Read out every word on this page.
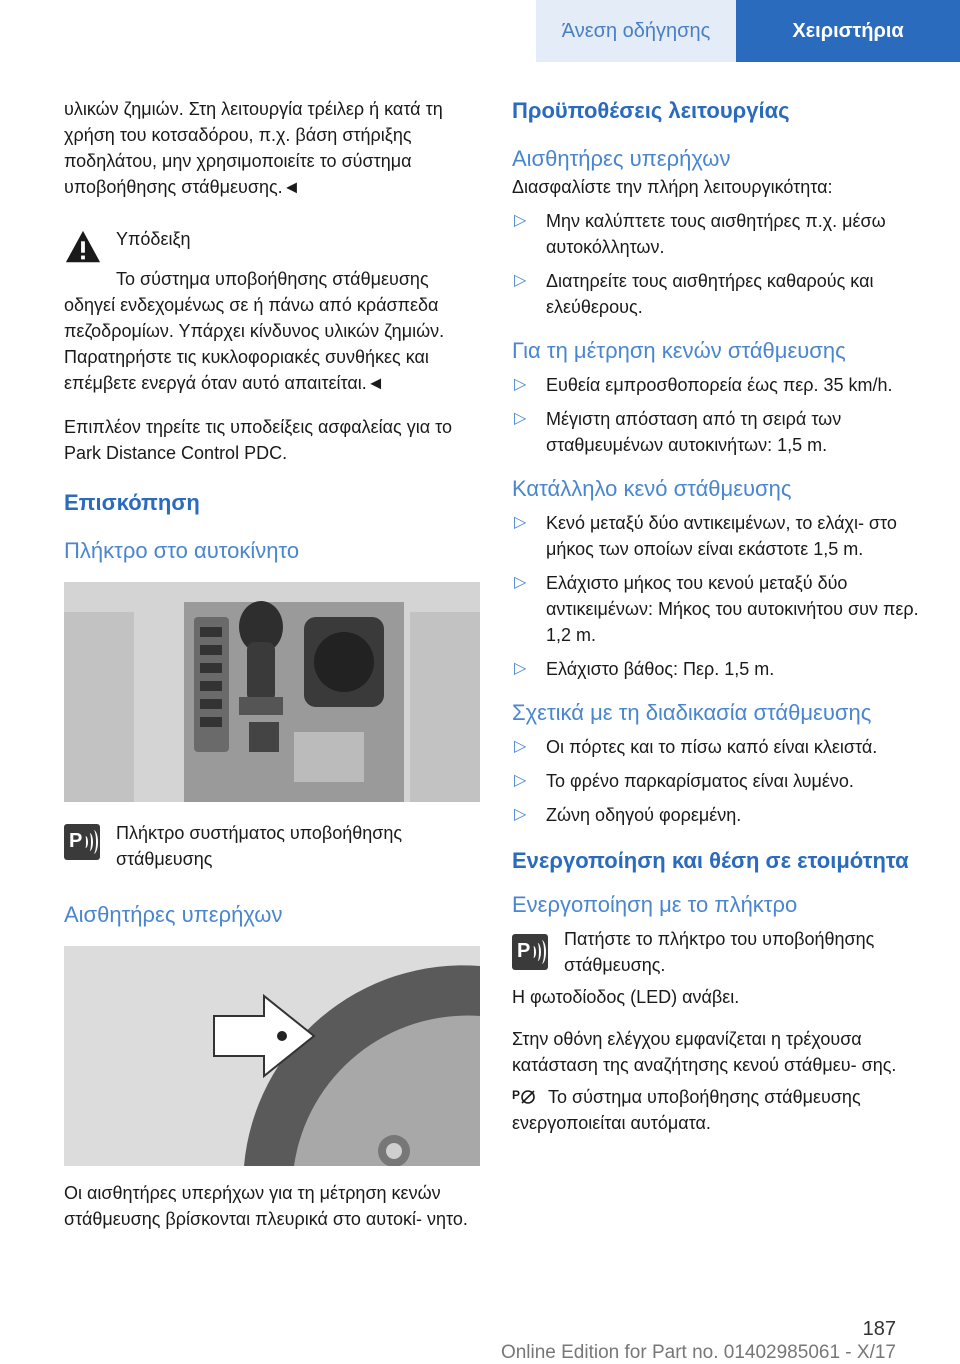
Άνεση οδήγησης	Χειριστήρια

υλικών ζημιών. Στη λειτουργία τρέιλερ ή κατά τη χρήση του κοτσαδόρου, π.χ. βάση στήριξης ποδηλάτου, μην χρησιμοποιείτε το σύστημα υποβοήθησης στάθμευσης.◄

Υπόδειξη

Το σύστημα υποβοήθησης στάθμευσης οδηγεί ενδεχομένως σε ή πάνω από κράσπεδα πεζοδρομίων. Υπάρχει κίνδυνος υλικών ζημιών. Παρατηρήστε τις κυκλοφοριακές συνθήκες και επέμβετε ενεργά όταν αυτό απαιτείται.◄

Επιπλέον τηρείτε τις υποδείξεις ασφαλείας για το Park Distance Control PDC.

Επισκόπηση
Πλήκτρο στο αυτοκίνητο
P Πλήκτρο συστήματος υποβοήθησης στάθμευσης

Αισθητήρες υπερήχων

Οι αισθητήρες υπερήχων για τη μέτρηση κενών στάθμευσης βρίσκονται πλευρικά στο αυτοκί‐ νητο.

Προϋποθέσεις λειτουργίας
Αισθητήρες υπερήχων

Διασφαλίστε την πλήρη λειτουργικότητα:

▷ Μην καλύπτετε τους αισθητήρες π.χ. μέσω αυτοκόλλητων.
▷ Διατηρείτε τους αισθητήρες καθαρούς και ελεύθερους.
Για τη μέτρηση κενών στάθμευσης
▷ Ευθεία εμπροσθοπορεία έως περ. 35 km/h.
▷ Μέγιστη απόσταση από τη σειρά των σταθμευμένων αυτοκινήτων: 1,5 m.
Κατάλληλο κενό στάθμευσης
▷ Κενό μεταξύ δύο αντικειμένων, το ελάχι‐ στο μήκος των οποίων είναι εκάστοτε 1,5 m.
▷ Ελάχιστο μήκος του κενού μεταξύ δύο αντικειμένων: Μήκος του αυτοκινήτου συν περ. 1,2 m.
▷ Ελάχιστο βάθος: Περ. 1,5 m.
Σχετικά με τη διαδικασία στάθμευσης
▷ Οι πόρτες και το πίσω καπό είναι κλειστά.
▷ Το φρένο παρκαρίσματος είναι λυμένο.
▷ Ζώνη οδηγού φορεμένη.
Ενεργοποίηση και θέση σε ετοιμότητα
Ενεργοποίηση με το πλήκτρο
P

Πατήστε το πλήκτρο του υποβοήθησης στάθμευσης.

Η φωτοδίοδος (LED) ανάβει.

Στην οθόνη ελέγχου εμφανίζεται η τρέχουσα κατάσταση της αναζήτησης κενού στάθμευ‐ σης.

P Το σύστημα υποβοήθησης στάθμευσης ενεργοποιείται αυτόματα.

187
Online Edition for Part no. 01402985061 - X/17
